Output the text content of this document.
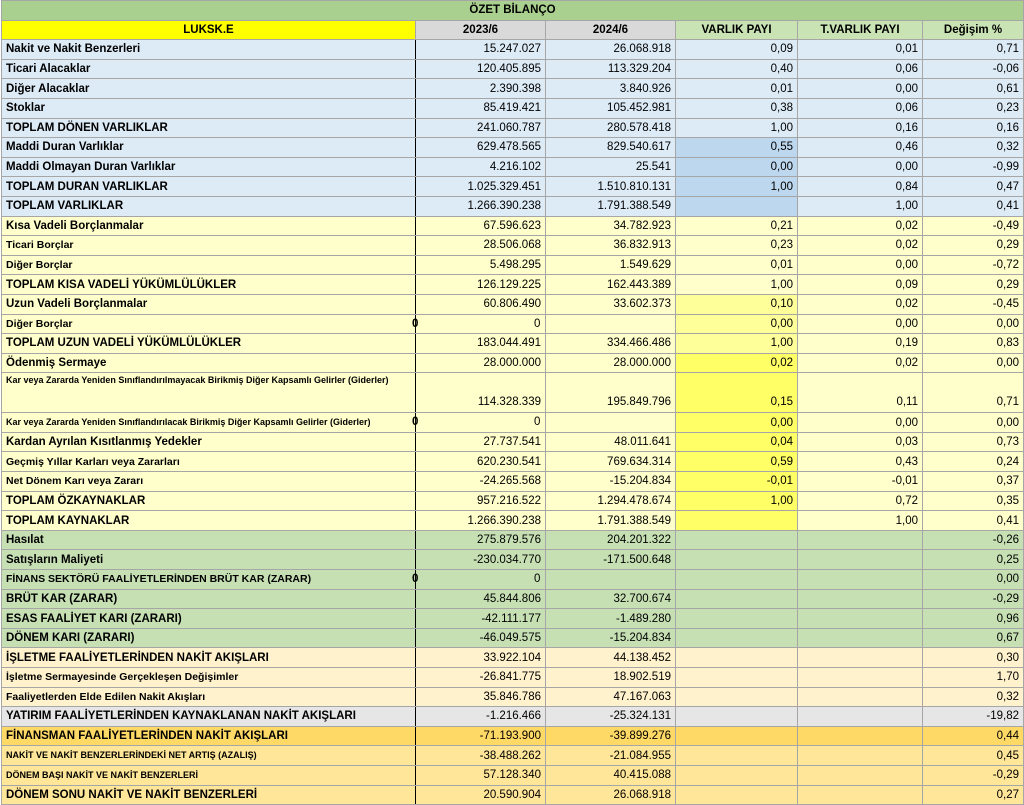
ÖZET BİLANÇO					
LUKSK.E	2023/6	2024/6	VARLIK PAYI	T.VARLIK PAYI	Değişim %
Nakit ve Nakit Benzerleri	15.247.027	26.068.918	0,09	0,01	0,71
Ticari Alacaklar	120.405.895	113.329.204	0,40	0,06	-0,06
Diğer Alacaklar	2.390.398	3.840.926	0,01	0,00	0,61
Stoklar	85.419.421	105.452.981	0,38	0,06	0,23
TOPLAM DÖNEN VARLIKLAR	241.060.787	280.578.418	1,00	0,16	0,16
Maddi Duran Varlıklar	629.478.565	829.540.617	0,55	0,46	0,32
Maddi Olmayan Duran Varlıklar	4.216.102	25.541	0,00	0,00	-0,99
TOPLAM DURAN VARLIKLAR	1.025.329.451	1.510.810.131	1,00	0,84	0,47
TOPLAM VARLIKLAR	1.266.390.238	1.791.388.549		1,00	0,41
Kısa Vadeli Borçlanmalar	67.596.623	34.782.923	0,21	0,02	-0,49
Ticari Borçlar	28.506.068	36.832.913	0,23	0,02	0,29
Diğer Borçlar	5.498.295	1.549.629	0,01	0,00	-0,72
TOPLAM KISA VADELİ YÜKÜMLÜLÜKLER	126.129.225	162.443.389	1,00	0,09	0,29
Uzun Vadeli Borçlanmalar	60.806.490	33.602.373	0,10	0,02	-0,45
Diğer Borçlar	0 0		0,00	0,00	0,00
TOPLAM UZUN VADELİ YÜKÜMLÜLÜKLER	183.044.491	334.466.486	1,00	0,19	0,83
Ödenmiş Sermaye	28.000.000	28.000.000	0,02	0,02	0,00
Kar veya Zararda Yeniden Sınıflandırılmayacak Birikmiş Diğer Kapsamlı Gelirler (Giderler)	114.328.339	195.849.796	0,15	0,11	0,71
Kar veya Zararda Yeniden Sınıflandırılacak Birikmiş Diğer Kapsamlı Gelirler (Giderler)	0 0		0,00	0,00	0,00
Kardan Ayrılan Kısıtlanmış Yedekler	27.737.541	48.011.641	0,04	0,03	0,73
Geçmiş Yıllar Karları veya Zararları	620.230.541	769.634.314	0,59	0,43	0,24
Net Dönem Karı veya Zararı	-24.265.568	-15.204.834	-0,01	-0,01	0,37
TOPLAM ÖZKAYNAKLAR	957.216.522	1.294.478.674	1,00	0,72	0,35
TOPLAM KAYNAKLAR	1.266.390.238	1.791.388.549		1,00	0,41
Hasılat	275.879.576	204.201.322			-0,26
Satışların Maliyeti	-230.034.770	-171.500.648			0,25
FİNANS SEKTÖRÜ FAALİYETLERİNDEN BRÜT KAR (ZARAR)	0 0				0,00
BRÜT KAR (ZARAR)	45.844.806	32.700.674			-0,29
ESAS FAALİYET KARI (ZARARI)	-42.111.177	-1.489.280			0,96
DÖNEM KARI (ZARARI)	-46.049.575	-15.204.834			0,67
İŞLETME FAALİYETLERİNDEN NAKİT AKIŞLARI	33.922.104	44.138.452			0,30
İşletme Sermayesinde Gerçekleşen Değişimler	-26.841.775	18.902.519			1,70
Faaliyetlerden Elde Edilen Nakit Akışları	35.846.786	47.167.063			0,32
YATIRIM FAALİYETLERİNDEN KAYNAKLANAN NAKİT AKIŞLARI	-1.216.466	-25.324.131			-19,82
FİNANSMAN FAALİYETLERİNDEN NAKİT AKIŞLARI	-71.193.900	-39.899.276			0,44
NAKİT VE NAKİT BENZERLERİNDEKİ NET ARTIŞ (AZALIŞ)	-38.488.262	-21.084.955			0,45
DÖNEM BAŞI NAKİT VE NAKİT BENZERLERİ	57.128.340	40.415.088			-0,29
DÖNEM SONU NAKİT VE NAKİT BENZERLERİ	20.590.904	26.068.918			0,27
